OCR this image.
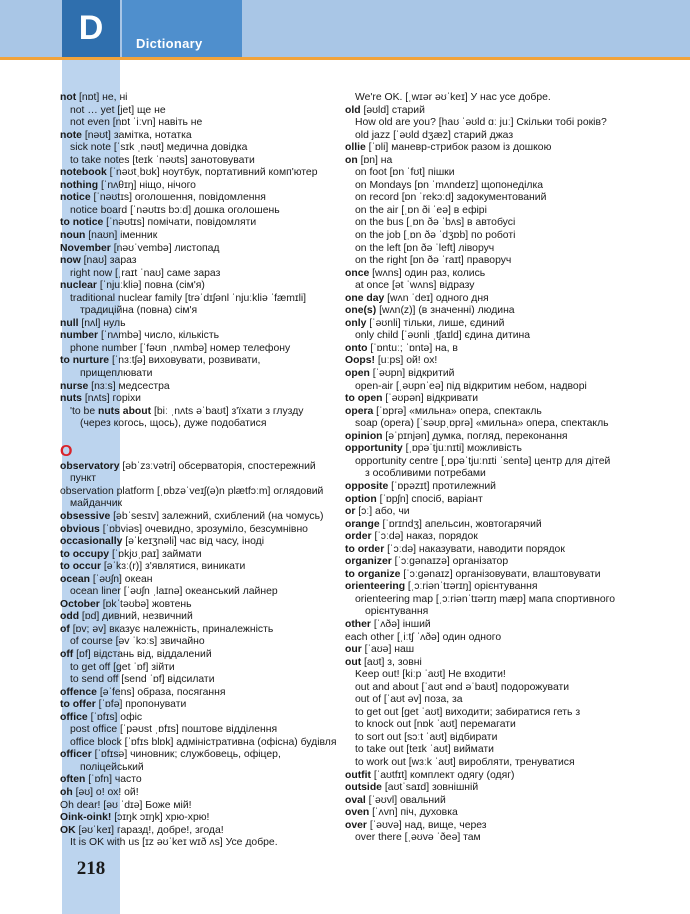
D	Dictionary
218
not [nɒt] не, ні
not … yet [jet] ще не
not even [nɒt ˈiːvn] навіть не
note [nəʊt] замітка, нотатка
sick note [ˈsɪk ˌnəʊt] медична довідка
to take notes [teɪk ˈnəʊts] занотовувати
notebook [ˈnəʊtˌbʊk] ноутбук, портативний комп'ютер
nothing [ˈnʌθɪŋ] ніщо, нічого
notice [ˈnəʊtɪs] оголошення, повідомлення
notice board [ˈnəʊtɪs bɔːd] дошка оголошень
to notice [ˈnəʊtɪs] помічати, повідомляти
noun [naʊn] іменник
November [nəʊˈvembə] листопад
now [naʊ] зараз
right now [ˌraɪt ˈnaʊ] саме зараз
nuclear [ˈnjuːkliə] повна (сім'я)
traditional nuclear family [trəˈdɪʃənl ˈnjuːkliə ˈfæmɪli]
традиційна (повна) сім'я
null [nʌl] нуль
number [ˈnʌmbə] число, кількість
phone number [ˈfəʊn ˌnʌmbə] номер телефону
to nurture [ˈnɜːtʃə] виховувати, розвивати,
прищеплювати
nurse [nɜːs] медсестра
nuts [nʌts] горіхи
'to be nuts about [biː ˌnʌts əˈbaʊt] з'їхати з глузду
(через когось, щось), дуже подобатися
O
observatory [əbˈzɜːvətri] обсерваторія, спостережний
пункт
observation platform [ˌɒbzəˈveɪʃ(ə)n plætfɔːm] оглядовий
майданчик
obsessive [əbˈsesɪv] залежний, схиблений (на чомусь)
obvious [ˈɒbviəs] очевидно, зрозуміло, безсумнівно
occasionally [əˈkeɪʒnəli] час від часу, іноді
to occupy [ˈɒkjʊˌpaɪ] займати
to occur [əˈkɜː(r)] з'являтися, виникати
ocean [ˈəʊʃn] океан
ocean liner [ˈəʊʃn ˌlaɪnə] океанський лайнер
October [ɒkˈtəʊbə] жовтень
odd [ɒd] дивний, незвичний
of [ɒv; əv] вказує належність, приналежність
of course [əv ˈkɔːs] звичайно
off [ɒf] відстань від, віддалений
to get off [get ˈɒf] зійти
to send off [send ˈɒf] відсилати
offence [əˈfens] образа, посягання
to offer [ˈɒfə] пропонувати
office [ˈɒfɪs] офіс
post office [ˈpəʊst ˌɒfɪs] поштове відділення
office block [ˈɒfɪs blɒk] адміністративна (офісна) будівля
officer [ˈɒfɪsə] чиновник; службовець, офіцер,
поліцейський
often [ˈɒfn] часто
oh [əʊ] о! ох! ой!
Oh dear! [əʊ ˈdɪə] Боже мій!
Oink-oink! [ɔɪŋk ɔɪŋk] хрю-хрю!
OK [əʊˈkeɪ] гаразд!, добре!, згода!
It is OK with us [ɪz əʊˈkeɪ wɪð ʌs] Усе добре.
We're OK. [ˌwɪər əʊˈkeɪ] У нас усе добре.
old [əʊld] старий
How old are you? [haʊ ˈəʊld ɑː juː] Скільки тобі років?
old jazz [ˈəʊld dʒæz] старий джаз
ollie [ˈɒli] маневр-стрибок разом із дошкою
on [ɒn] на
on foot [ɒn ˈfʊt] пішки
on Mondays [ɒn ˈmʌndeɪz] щопонеділка
on record [ɒn ˈrekɔːd] задокументований
on the air [ˌɒn ði ˈeə] в ефірі
on the bus [ˌɒn ðə ˈbʌs] в автобусі
on the job [ˌɒn ðə ˈdʒɒb] по роботі
on the left [ɒn ðə ˈleft] ліворуч
on the right [ɒn ðə ˈraɪt] праворуч
once [wʌns] один раз, колись
at once [ət ˈwʌns] відразу
one day [wʌn ˈdeɪ] одного дня
one(s) [wʌn(z)] (в значенні) людина
only [ˈəʊnli] тільки, лише, єдиний
only child [ˈəʊnli ˌtʃaɪld] єдина дитина
onto [ˈɒntuː; ˈɒntə] на, в
Oops! [uːps] ой! ох!
open [ˈəʊpn] відкритий
open-air [ˌəʊpnˈeə] під відкритим небом, надворі
to open [ˈəʊpən] відкривати
opera [ˈɒprə] «мильна» опера, спектакль
soap (opera) [ˈsəʊpˌɒprə] «мильна» опера, спектакль
opinion [əˈpɪnjən] думка, погляд, переконання
opportunity [ˌɒpəˈtjuːnɪti] можливість
opportunity centre [ˌɒpəˈtjuːnɪti ˈsentə] центр для дітей
з особливими потребами
opposite [ˈɒpəzɪt] протилежний
option [ˈɒpʃn] спосіб, варіант
or [ɔː] або, чи
orange [ˈɒrɪndʒ] апельсин, жовтогарячий
order [ˈɔːdə] наказ, порядок
to order [ˈɔːdə] наказувати, наводити порядок
organizer [ˈɔːɡənaɪzə] організатор
to organize [ˈɔːɡənaɪz] організовувати, влаштовувати
orienteering [ˌɔːriənˈtɪərɪŋ] орієнтування
orienteering map [ˌɔːriənˈtɪərɪŋ mæp] мапа спортивного
орієнтування
other [ˈʌðə] інший
each other [ˌiːtʃ ˈʌðə] один одного
our [ˈaʊə] наш
out [aʊt] з, зовні
Keep out! [kiːp ˈaʊt] Не входити!
out and about [ˈaʊt ənd əˈbaʊt] подорожувати
out of [ˈaʊt əv] поза, за
to get out [get ˈaʊt] виходити; забиратися геть з
to knock out [nɒk ˈaʊt] перемагати
to sort out [sɔːt ˈaʊt] відбирати
to take out [teɪk ˈaʊt] виймати
to work out [wɜːk ˈaʊt] виробляти, тренуватися
outfit [ˈaʊtfɪt] комплект одягу (одяг)
outside [aʊtˈsaɪd] зовнішній
oval [ˈəʊvl] овальний
oven [ˈʌvn] піч, духовка
over [ˈəʊvə] над, вище, через
over there [ˌəʊvə ˈðeə] там
